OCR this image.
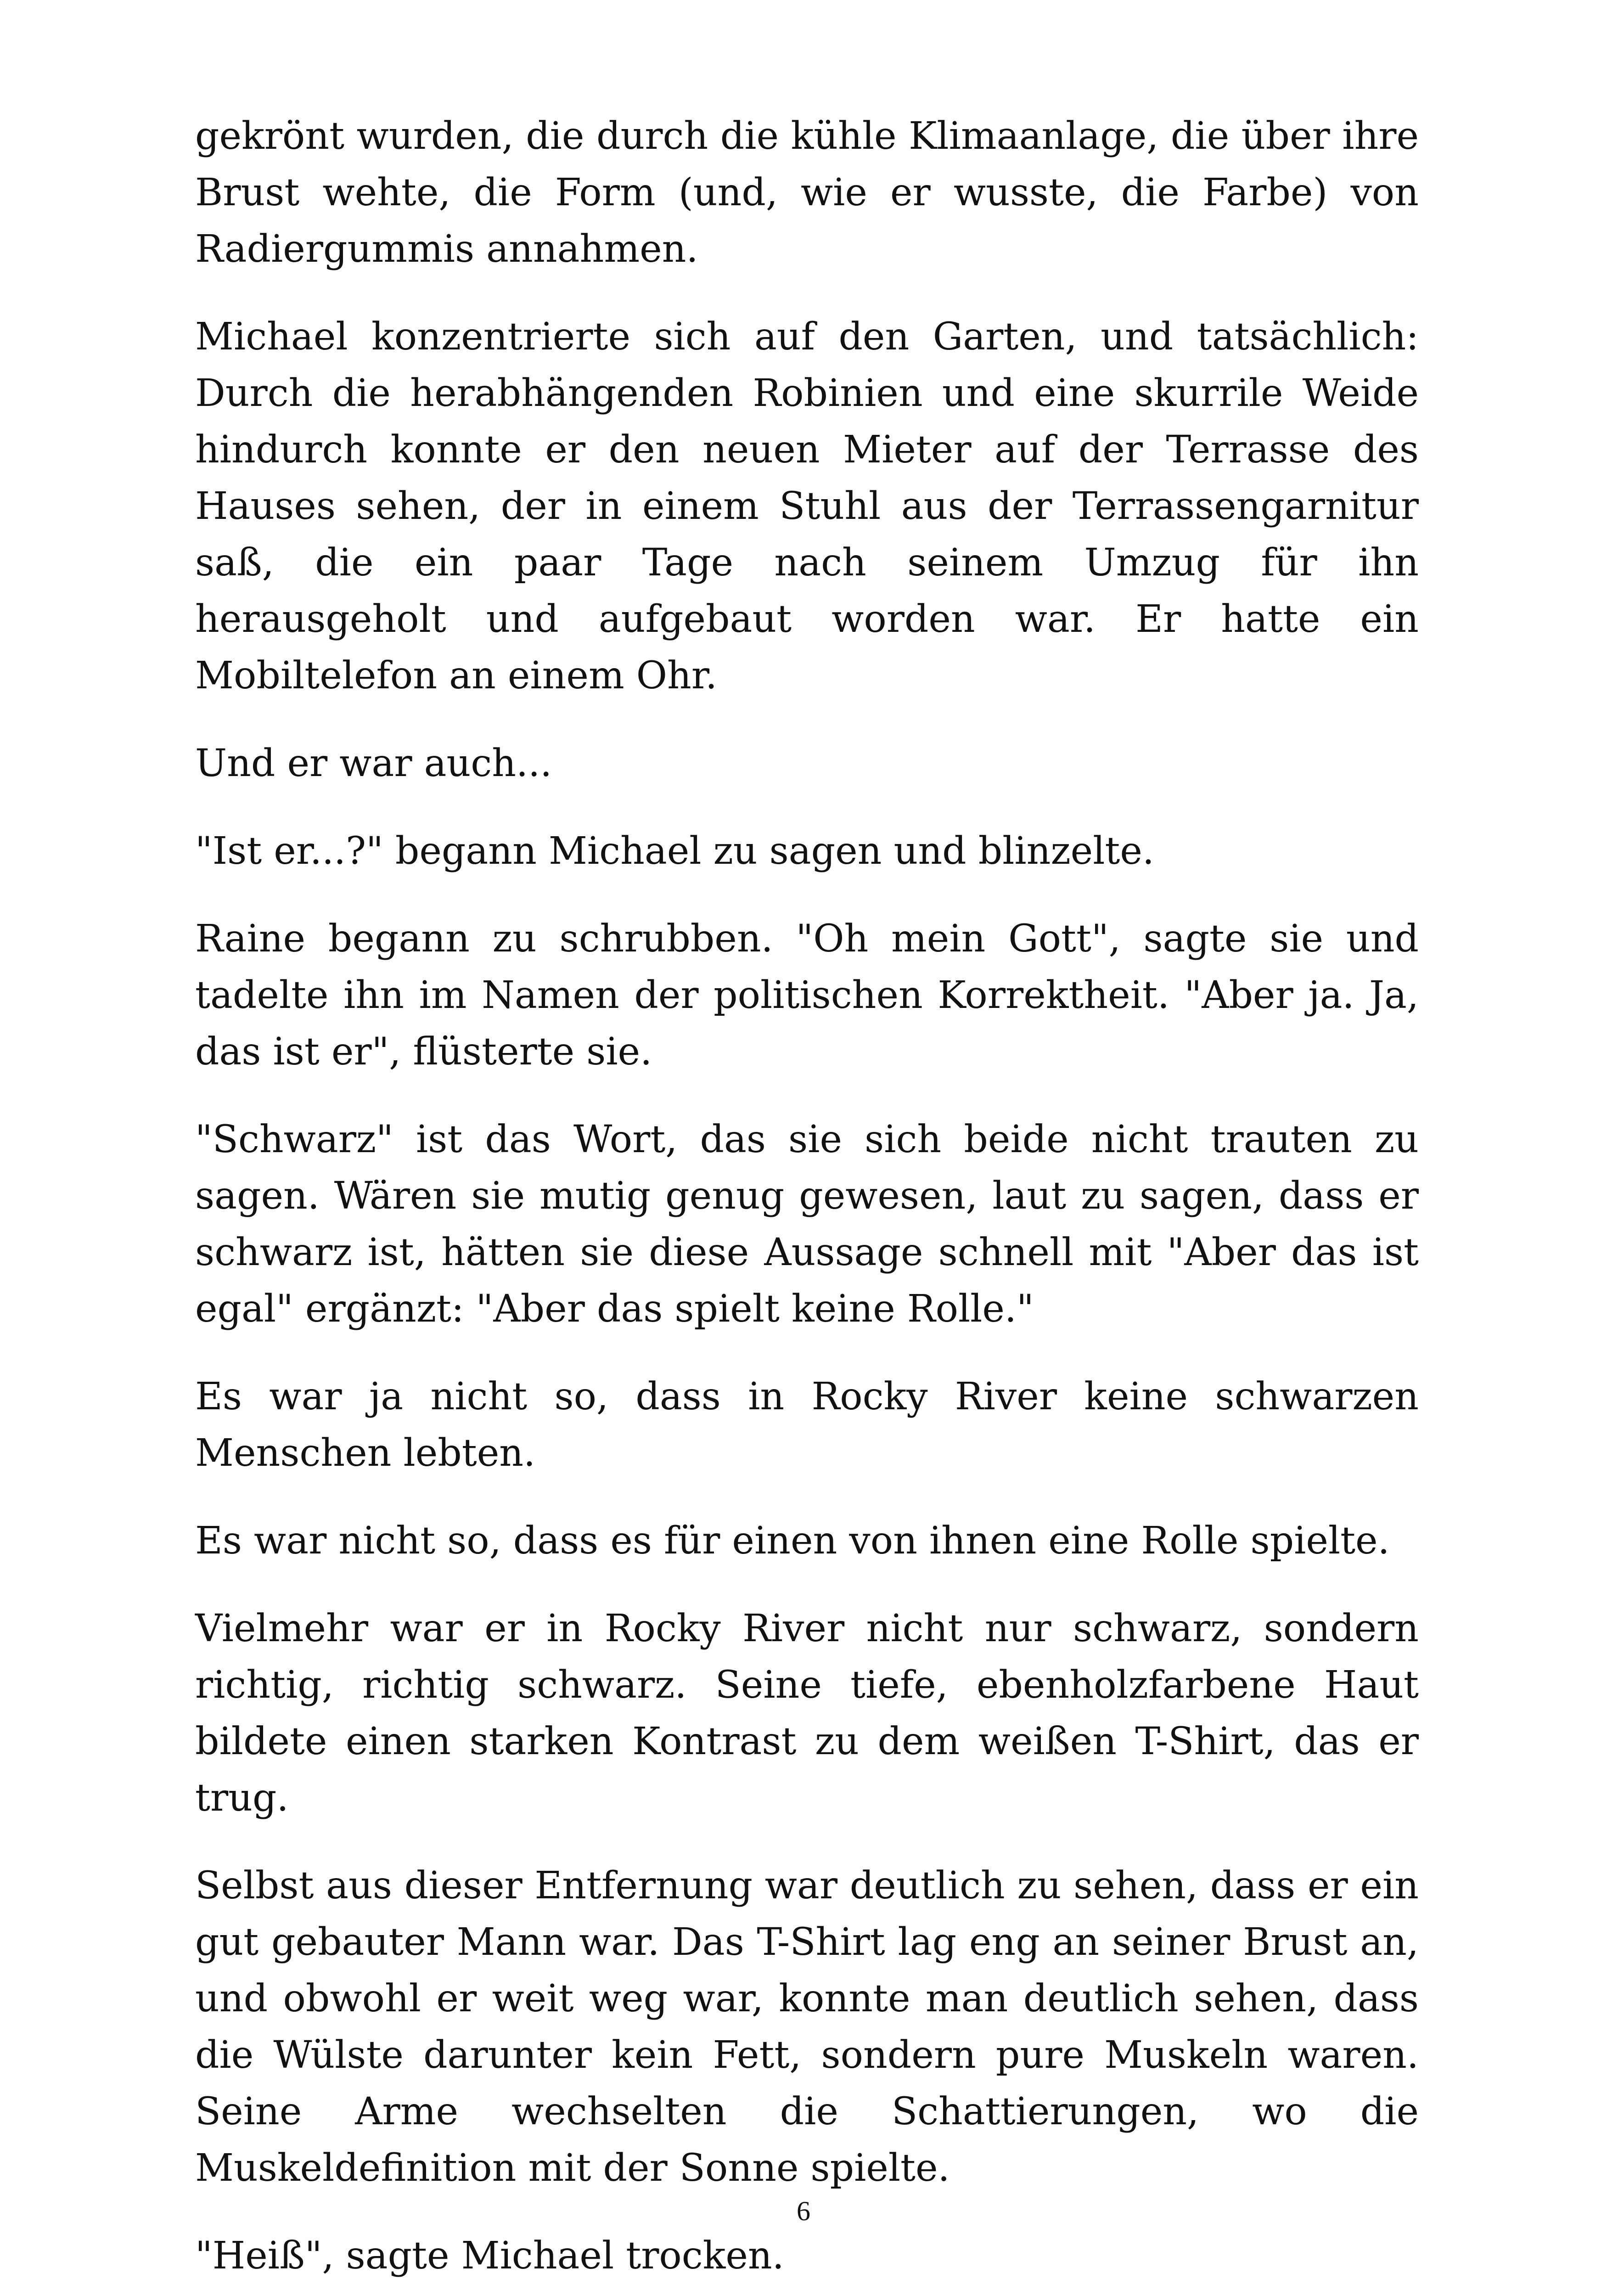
gekrönt wurden, die durch die kühle Klimaanlage, die über ihre Brust wehte, die Form (und, wie er wusste, die Farbe) von Radiergummis annahmen.

Michael konzentrierte sich auf den Garten, und tatsächlich: Durch die herabhängenden Robinien und eine skurrile Weide hindurch konnte er den neuen Mieter auf der Terrasse des Hauses sehen, der in einem Stuhl aus der Terrassengarnitur saß, die ein paar Tage nach seinem Umzug für ihn herausgeholt und aufgebaut worden war. Er hatte ein Mobiltelefon an einem Ohr.

Und er war auch...

"Ist er...?" begann Michael zu sagen und blinzelte.

Raine begann zu schrubben. "Oh mein Gott", sagte sie und tadelte ihn im Namen der politischen Korrektheit. "Aber ja. Ja, das ist er", flüsterte sie.

"Schwarz" ist das Wort, das sie sich beide nicht trauten zu sagen. Wären sie mutig genug gewesen, laut zu sagen, dass er schwarz ist, hätten sie diese Aussage schnell mit "Aber das ist egal" ergänzt: "Aber das spielt keine Rolle."

Es war ja nicht so, dass in Rocky River keine schwarzen Menschen lebten.

Es war nicht so, dass es für einen von ihnen eine Rolle spielte.

Vielmehr war er in Rocky River nicht nur schwarz, sondern richtig, richtig schwarz. Seine tiefe, ebenholzfarbene Haut bildete einen starken Kontrast zu dem weißen T-Shirt, das er trug.

Selbst aus dieser Entfernung war deutlich zu sehen, dass er ein gut gebauter Mann war. Das T-Shirt lag eng an seiner Brust an, und obwohl er weit weg war, konnte man deutlich sehen, dass die Wülste darunter kein Fett, sondern pure Muskeln waren. Seine Arme wechselten die Schattierungen, wo die Muskeldefinition mit der Sonne spielte.

"Heiß", sagte Michael trocken.

6
